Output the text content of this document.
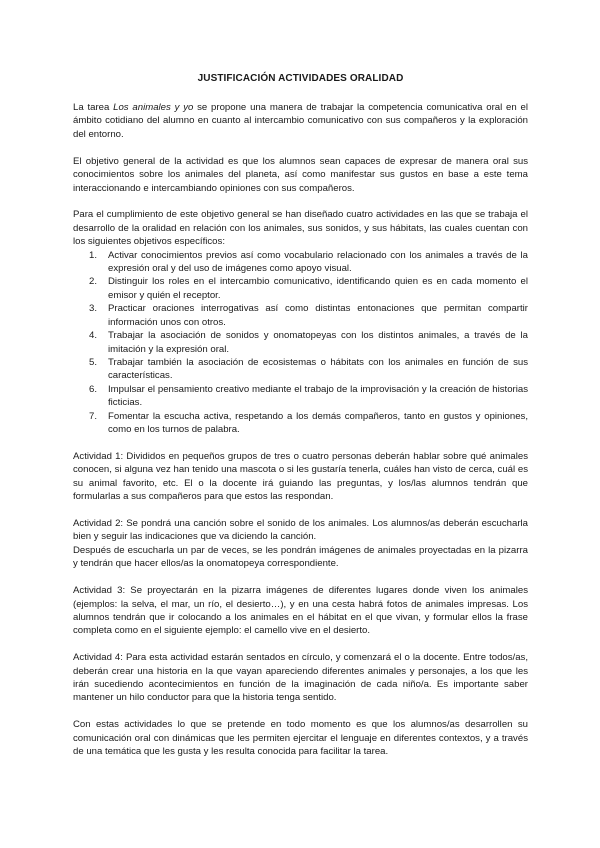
JUSTIFICACIÓN ACTIVIDADES ORALIDAD

La tarea Los animales y yo se propone una manera de trabajar la competencia comunicativa oral en el ámbito cotidiano del alumno en cuanto al intercambio comunicativo con sus compañeros y la exploración del entorno.

El objetivo general de la actividad es que los alumnos sean capaces de expresar de manera oral sus conocimientos sobre los animales del planeta, así como manifestar sus gustos en base a este tema interaccionando e intercambiando opiniones con sus compañeros.

Para el cumplimiento de este objetivo general se han diseñado cuatro actividades en las que se trabaja el desarrollo de la oralidad en relación con los animales, sus sonidos, y sus hábitats, las cuales cuentan con los siguientes objetivos específicos:

1. Activar conocimientos previos así como vocabulario relacionado con los animales a través de la expresión oral y del uso de imágenes como apoyo visual.
2. Distinguir los roles en el intercambio comunicativo, identificando quien es en cada momento el emisor y quién el receptor.
3. Practicar oraciones interrogativas así como distintas entonaciones que permitan compartir información unos con otros.
4. Trabajar la asociación de sonidos y onomatopeyas con los distintos animales, a través de la imitación y la expresión oral.
5. Trabajar también la asociación de ecosistemas o hábitats con los animales en función de sus características.
6. Impulsar el pensamiento creativo mediante el trabajo de la improvisación y la creación de historias ficticias.
7. Fomentar la escucha activa, respetando a los demás compañeros, tanto en gustos y opiniones, como en los turnos de palabra.

Actividad 1: Divididos en pequeños grupos de tres o cuatro personas deberán hablar sobre qué animales conocen, si alguna vez han tenido una mascota o si les gustaría tenerla, cuáles han visto de cerca, cuál es su animal favorito, etc. El o la docente irá guiando las preguntas, y los/las alumnos tendrán que formularlas a sus compañeros para que estos las respondan.

Actividad 2: Se pondrá una canción sobre el sonido de los animales. Los alumnos/as deberán escucharla bien y seguir las indicaciones que va diciendo la canción.

Después de escucharla un par de veces, se les pondrán imágenes de animales proyectadas en la pizarra y tendrán que hacer ellos/as la onomatopeya correspondiente.

Actividad 3: Se proyectarán en la pizarra imágenes de diferentes lugares donde viven los animales (ejemplos: la selva, el mar, un río, el desierto…), y en una cesta habrá fotos de animales impresas. Los alumnos tendrán que ir colocando a los animales en el hábitat en el que vivan, y formular ellos la frase completa como en el siguiente ejemplo: el camello vive en el desierto.

Actividad 4: Para esta actividad estarán sentados en círculo, y comenzará el o la docente. Entre todos/as, deberán crear una historia en la que vayan apareciendo diferentes animales y personajes, a los que les irán sucediendo acontecimientos en función de la imaginación de cada niño/a. Es importante saber mantener un hilo conductor para que la historia tenga sentido.

Con estas actividades lo que se pretende en todo momento es que los alumnos/as desarrollen su comunicación oral con dinámicas que les permiten ejercitar el lenguaje en diferentes contextos, y a través de una temática que les gusta y les resulta conocida para facilitar la tarea.
